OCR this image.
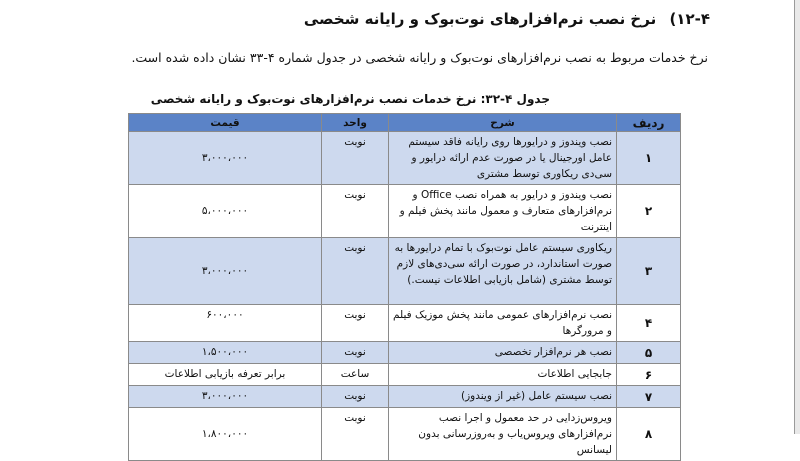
۱۲-۴) نرخ نصب نرم‌افزارهای نوت‌بوک و رایانه شخصی
نرخ خدمات مربوط به نصب نرم‌افزارهای نوت‌بوک و رایانه شخصی در جدول شماره ۴-۳۳ نشان داده شده است.
جدول ۴-۳۲: نرخ خدمات نصب نرم‌افزارهای نوت‌بوک و رایانه شخصی
ردیف	شرح	واحد	قیمت
۱	نصب ویندوز و درایورها روی رایانه فاقد سیستم عامل اورجینال یا در صورت عدم ارائه درایور و سی‌دی ریکاوری توسط مشتری	نوبت	۳،۰۰۰،۰۰۰
۲	نصب ویندوز و درایور به همراه نصب Office و نرم‌افزارهای متعارف و معمول مانند پخش فیلم و اینترنت	نوبت	۵،۰۰۰،۰۰۰
۳	ریکاوری سیستم عامل نوت‌بوک با تمام درایورها به صورت استاندارد، در صورت ارائه سی‌دی‌های لازم توسط مشتری (شامل بازیابی اطلاعات نیست.)	نوبت	۳،۰۰۰،۰۰۰
۴	نصب نرم‌افزارهای عمومی مانند پخش موزیک فیلم و مرورگرها	نوبت	۶۰۰،۰۰۰
۵	نصب هر نرم‌افزار تخصصی	نوبت	۱،۵۰۰،۰۰۰
۶	جابجایی اطلاعات	ساعت	برابر تعرفه بازیابی اطلاعات
۷	نصب سیستم عامل (غیر از ویندوز)	نوبت	۳،۰۰۰،۰۰۰
۸	ویروس‌زدایی در حد معمول و اجرا نصب نرم‌افزارهای ویروس‌یاب و به‌روزرسانی بدون لیسانس	نوبت	۱،۸۰۰،۰۰۰
